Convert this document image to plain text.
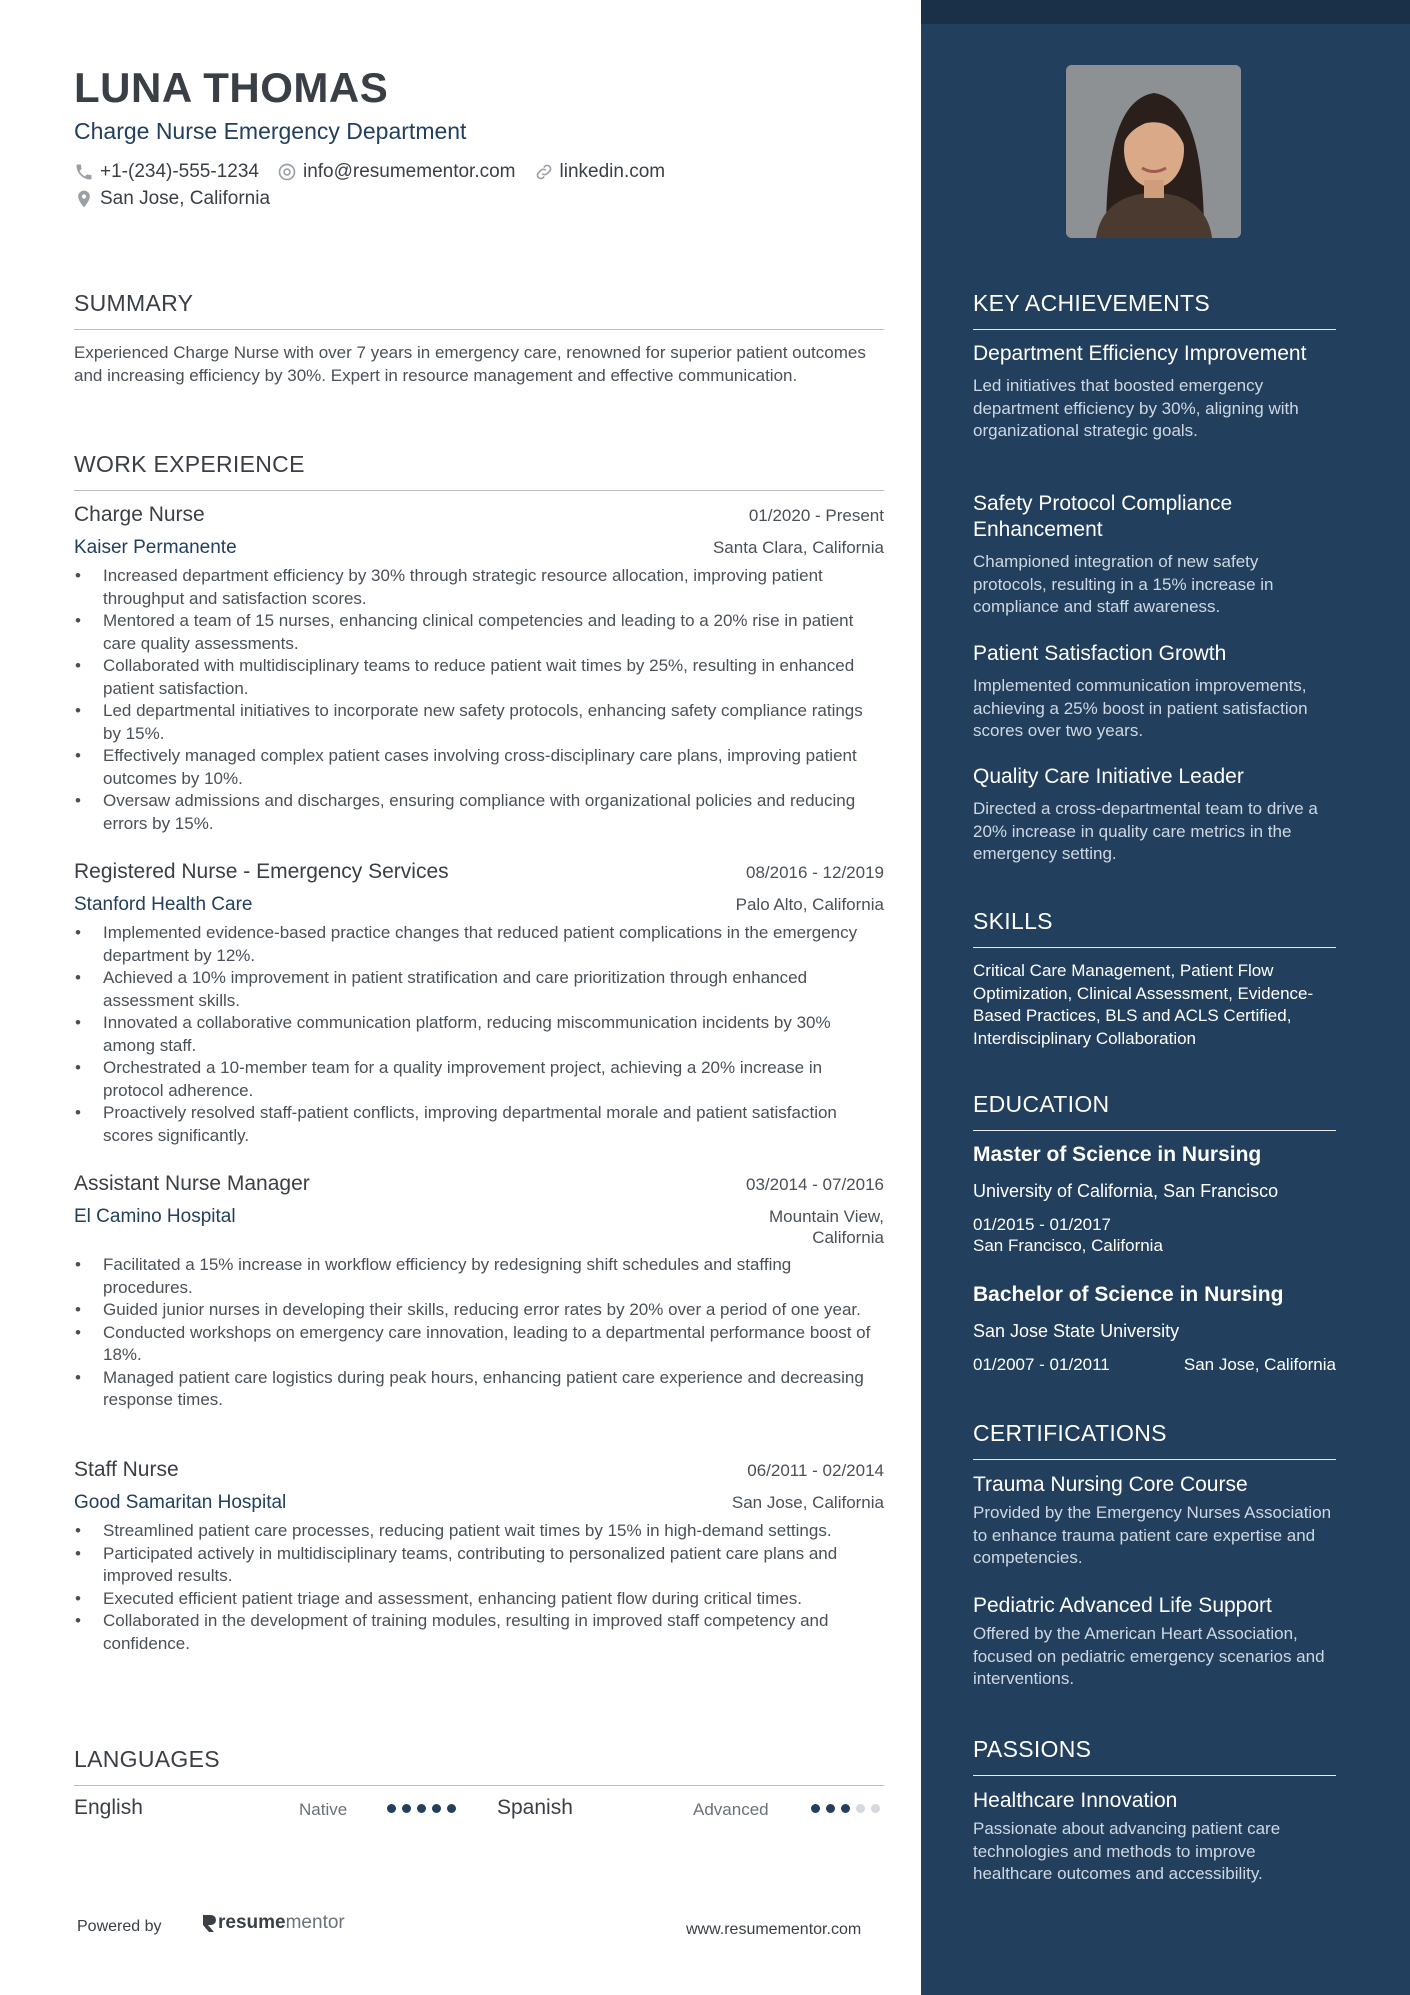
LUNA THOMAS
Charge Nurse Emergency Department
+1-(234)-555-1234 info@resumementor.com linkedin.com
San Jose, California
SUMMARY

Experienced Charge Nurse with over 7 years in emergency care, renowned for superior patient outcomes and increasing efficiency by 30%. Expert in resource management and effective communication.

WORK EXPERIENCE
Charge Nurse	01/2020 - Present
Kaiser Permanente	Santa Clara, California
• Increased department efficiency by 30% through strategic resource allocation, improving patient throughput and satisfaction scores.
• Mentored a team of 15 nurses, enhancing clinical competencies and leading to a 20% rise in patient care quality assessments.
• Collaborated with multidisciplinary teams to reduce patient wait times by 25%, resulting in enhanced patient satisfaction.
• Led departmental initiatives to incorporate new safety protocols, enhancing safety compliance ratings by 15%.
• Effectively managed complex patient cases involving cross-disciplinary care plans, improving patient outcomes by 10%.
• Oversaw admissions and discharges, ensuring compliance with organizational policies and reducing errors by 15%.
Registered Nurse - Emergency Services	08/2016 - 12/2019
Stanford Health Care	Palo Alto, California
• Implemented evidence-based practice changes that reduced patient complications in the emergency department by 12%.
• Achieved a 10% improvement in patient stratification and care prioritization through enhanced assessment skills.
• Innovated a collaborative communication platform, reducing miscommunication incidents by 30% among staff.
• Orchestrated a 10-member team for a quality improvement project, achieving a 20% increase in protocol adherence.
• Proactively resolved staff-patient conflicts, improving departmental morale and patient satisfaction scores significantly.
Assistant Nurse Manager	03/2014 - 07/2016
El Camino Hospital	Mountain View, California
• Facilitated a 15% increase in workflow efficiency by redesigning shift schedules and staffing procedures.
• Guided junior nurses in developing their skills, reducing error rates by 20% over a period of one year.
• Conducted workshops on emergency care innovation, leading to a departmental performance boost of 18%.
• Managed patient care logistics during peak hours, enhancing patient care experience and decreasing response times.
Staff Nurse	06/2011 - 02/2014
Good Samaritan Hospital	San Jose, California
• Streamlined patient care processes, reducing patient wait times by 15% in high-demand settings.
• Participated actively in multidisciplinary teams, contributing to personalized patient care plans and improved results.
• Executed efficient patient triage and assessment, enhancing patient flow during critical times.
• Collaborated in the development of training modules, resulting in improved staff competency and confidence.
LANGUAGES
English	Native	Spanish	Advanced
Powered by	resume mentor	www.resumementor.com
KEY ACHIEVEMENTS
Department Efficiency Improvement

Led initiatives that boosted emergency department efficiency by 30%, aligning with organizational strategic goals.

Safety Protocol Compliance Enhancement

Championed integration of new safety protocols, resulting in a 15% increase in compliance and staff awareness.

Patient Satisfaction Growth

Implemented communication improvements, achieving a 25% boost in patient satisfaction scores over two years.

Quality Care Initiative Leader

Directed a cross-departmental team to drive a 20% increase in quality care metrics in the emergency setting.

SKILLS

Critical Care Management, Patient Flow Optimization, Clinical Assessment, Evidence-Based Practices, BLS and ACLS Certified, Interdisciplinary Collaboration

EDUCATION
Master of Science in Nursing
University of California, San Francisco
01/2015 - 01/2017
San Francisco, California
Bachelor of Science in Nursing
San Jose State University
01/2007 - 01/2011	San Jose, California
CERTIFICATIONS
Trauma Nursing Core Course

Provided by the Emergency Nurses Association to enhance trauma patient care expertise and competencies.

Pediatric Advanced Life Support

Offered by the American Heart Association, focused on pediatric emergency scenarios and interventions.

PASSIONS
Healthcare Innovation

Passionate about advancing patient care technologies and methods to improve healthcare outcomes and accessibility.
